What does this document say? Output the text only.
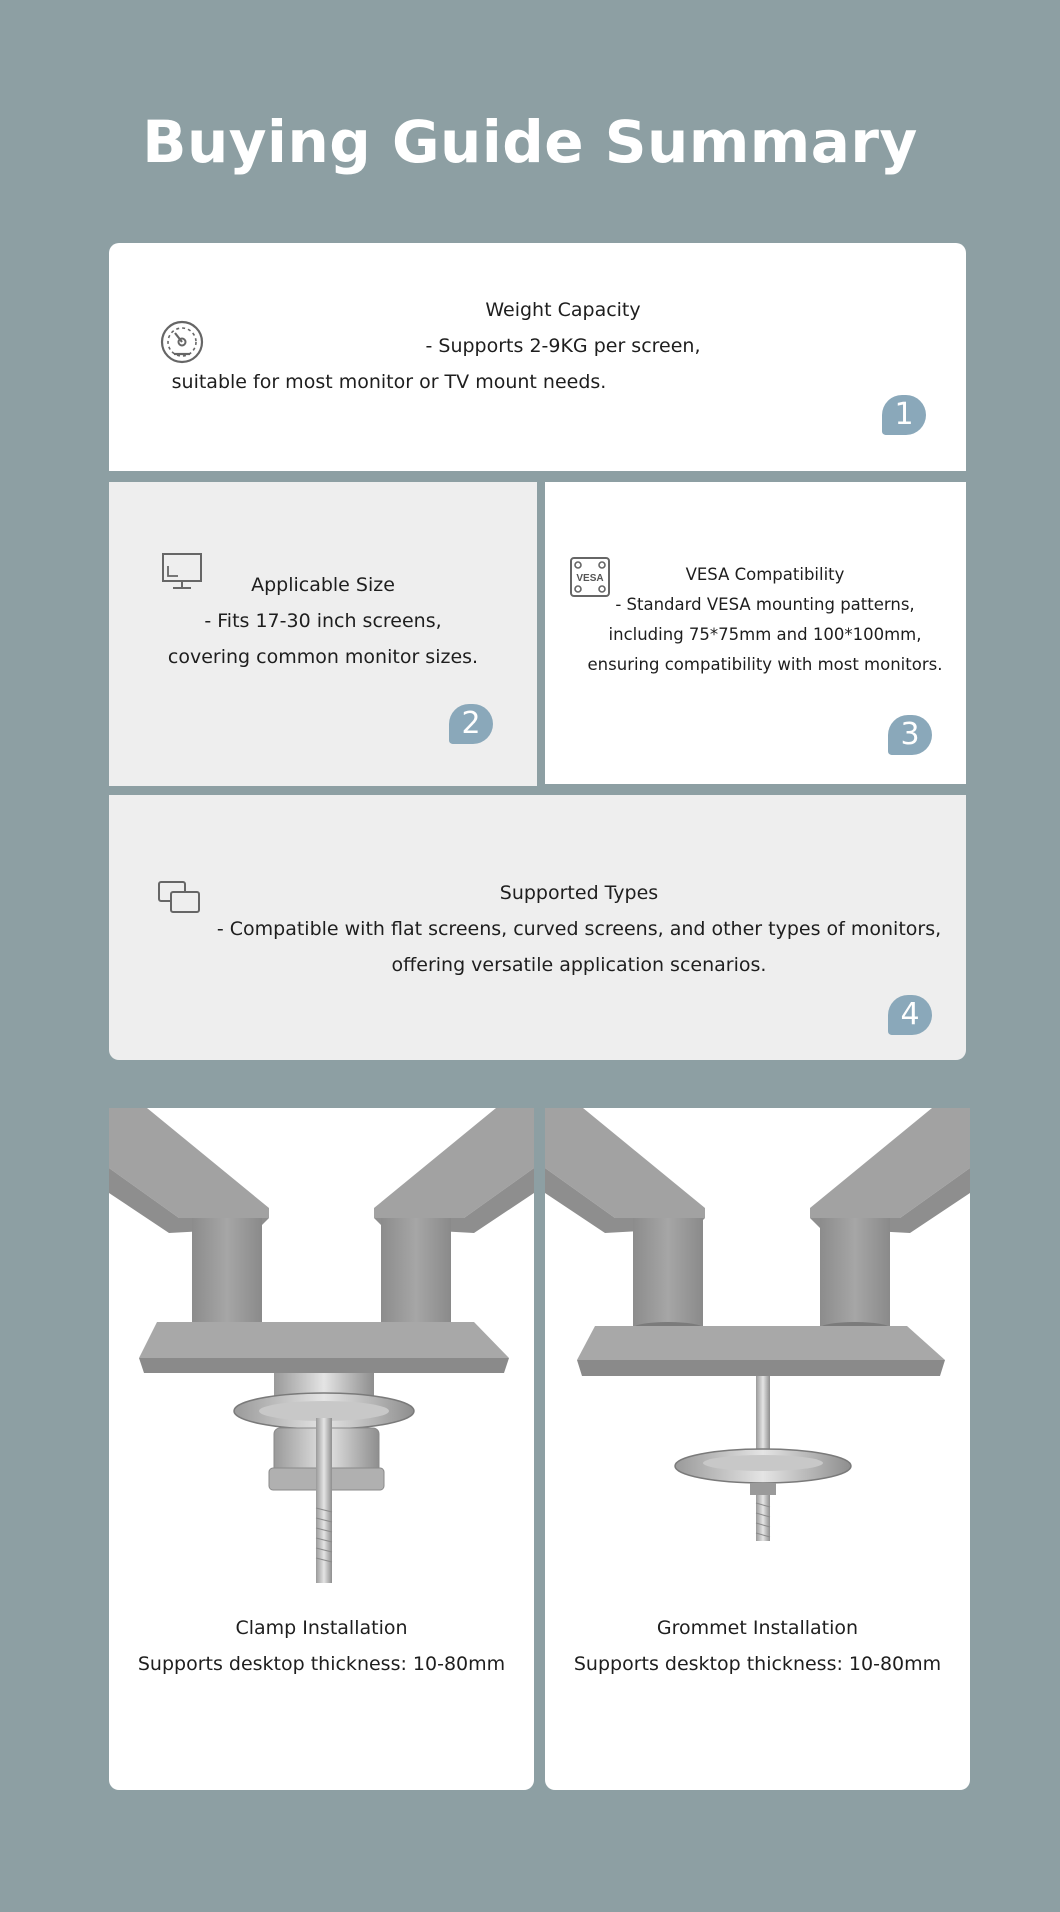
Buying Guide Summary
Weight Capacity
- Supports 2-9KG per screen,
suitable for most monitor or TV mount needs.
1
Applicable Size
- Fits 17-30 inch screens,
covering common monitor sizes.
2
VESA	VESA Compatibility
- Standard VESA mounting patterns,
including 75*75mm and 100*100mm,
ensuring compatibility with most monitors.
3
Supported Types
- Compatible with flat screens, curved screens, and other types of monitors,
offering versatile application scenarios.
4
Clamp Installation
Supports desktop thickness: 10-80mm
Grommet Installation
Supports desktop thickness: 10-80mm
